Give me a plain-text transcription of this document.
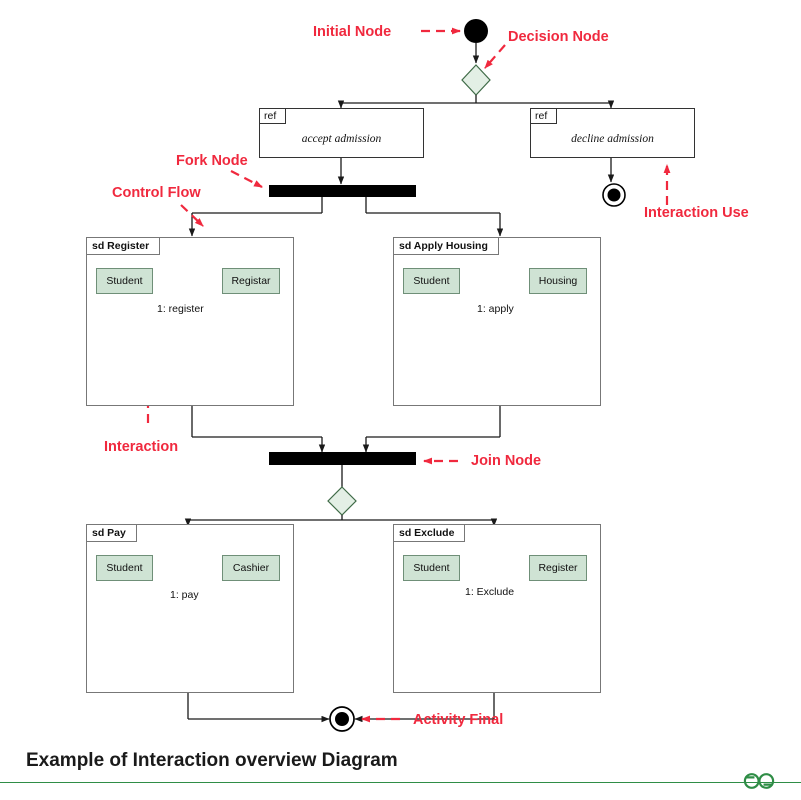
ref
accept admission
ref
decline admission
sd Register
Student	Registar
1: register
sd Apply Housing
Student	Housing
1: apply
sd Pay
Student	Cashier
1: pay
sd Exclude
Student	Register
1: Exclude
Initial Node	Decision Node
Fork Node
Control Flow
Interaction Use
Interaction
Join Node
Activity Final
Example of Interaction overview Diagram
